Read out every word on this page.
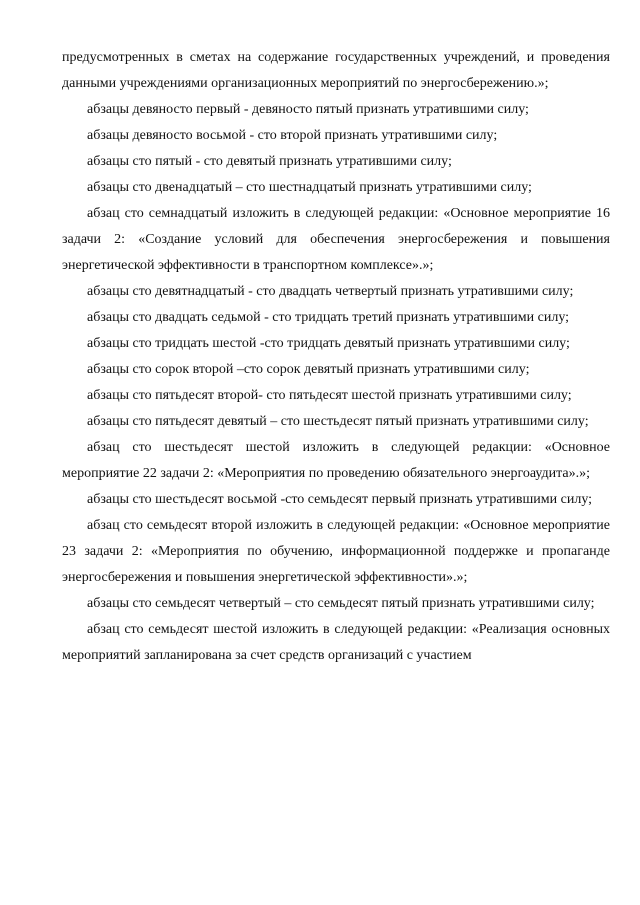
предусмотренных в сметах на содержание государственных учреждений, и проведения данными учреждениями организационных мероприятий по энергосбережению.»;

абзацы девяносто первый - девяносто пятый признать утратившими силу;

абзацы девяносто восьмой - сто второй признать утратившими силу;

абзацы сто пятый - сто девятый признать утратившими силу;

абзацы сто двенадцатый – сто шестнадцатый признать утратившими силу;

абзац сто семнадцатый изложить в следующей редакции: «Основное мероприятие 16 задачи 2: «Создание условий для обеспечения энергосбережения и повышения энергетической эффективности в транспортном комплексе».»;

абзацы сто девятнадцатый - сто двадцать четвертый признать утратившими силу;

абзацы сто двадцать седьмой - сто тридцать третий признать утратившими силу;

абзацы сто тридцать шестой -сто тридцать девятый признать утратившими силу;

абзацы сто сорок второй –сто сорок девятый признать утратившими силу;

абзацы сто пятьдесят второй- сто пятьдесят шестой признать утратившими силу;

абзацы сто пятьдесят девятый – сто шестьдесят пятый признать утратившими силу;

абзац сто шестьдесят шестой изложить в следующей редакции: «Основное мероприятие 22 задачи 2: «Мероприятия по проведению обязательного энергоаудита».»;

абзацы сто шестьдесят восьмой -сто семьдесят первый признать утратившими силу;

абзац сто семьдесят второй изложить в следующей редакции: «Основное мероприятие 23 задачи 2: «Мероприятия по обучению, информационной поддержке и пропаганде энергосбережения и повышения энергетической эффективности».»;

абзацы сто семьдесят четвертый – сто семьдесят пятый признать утратившими силу;

абзац сто семьдесят шестой изложить в следующей редакции: «Реализация основных мероприятий запланирована за счет средств организаций с участием
